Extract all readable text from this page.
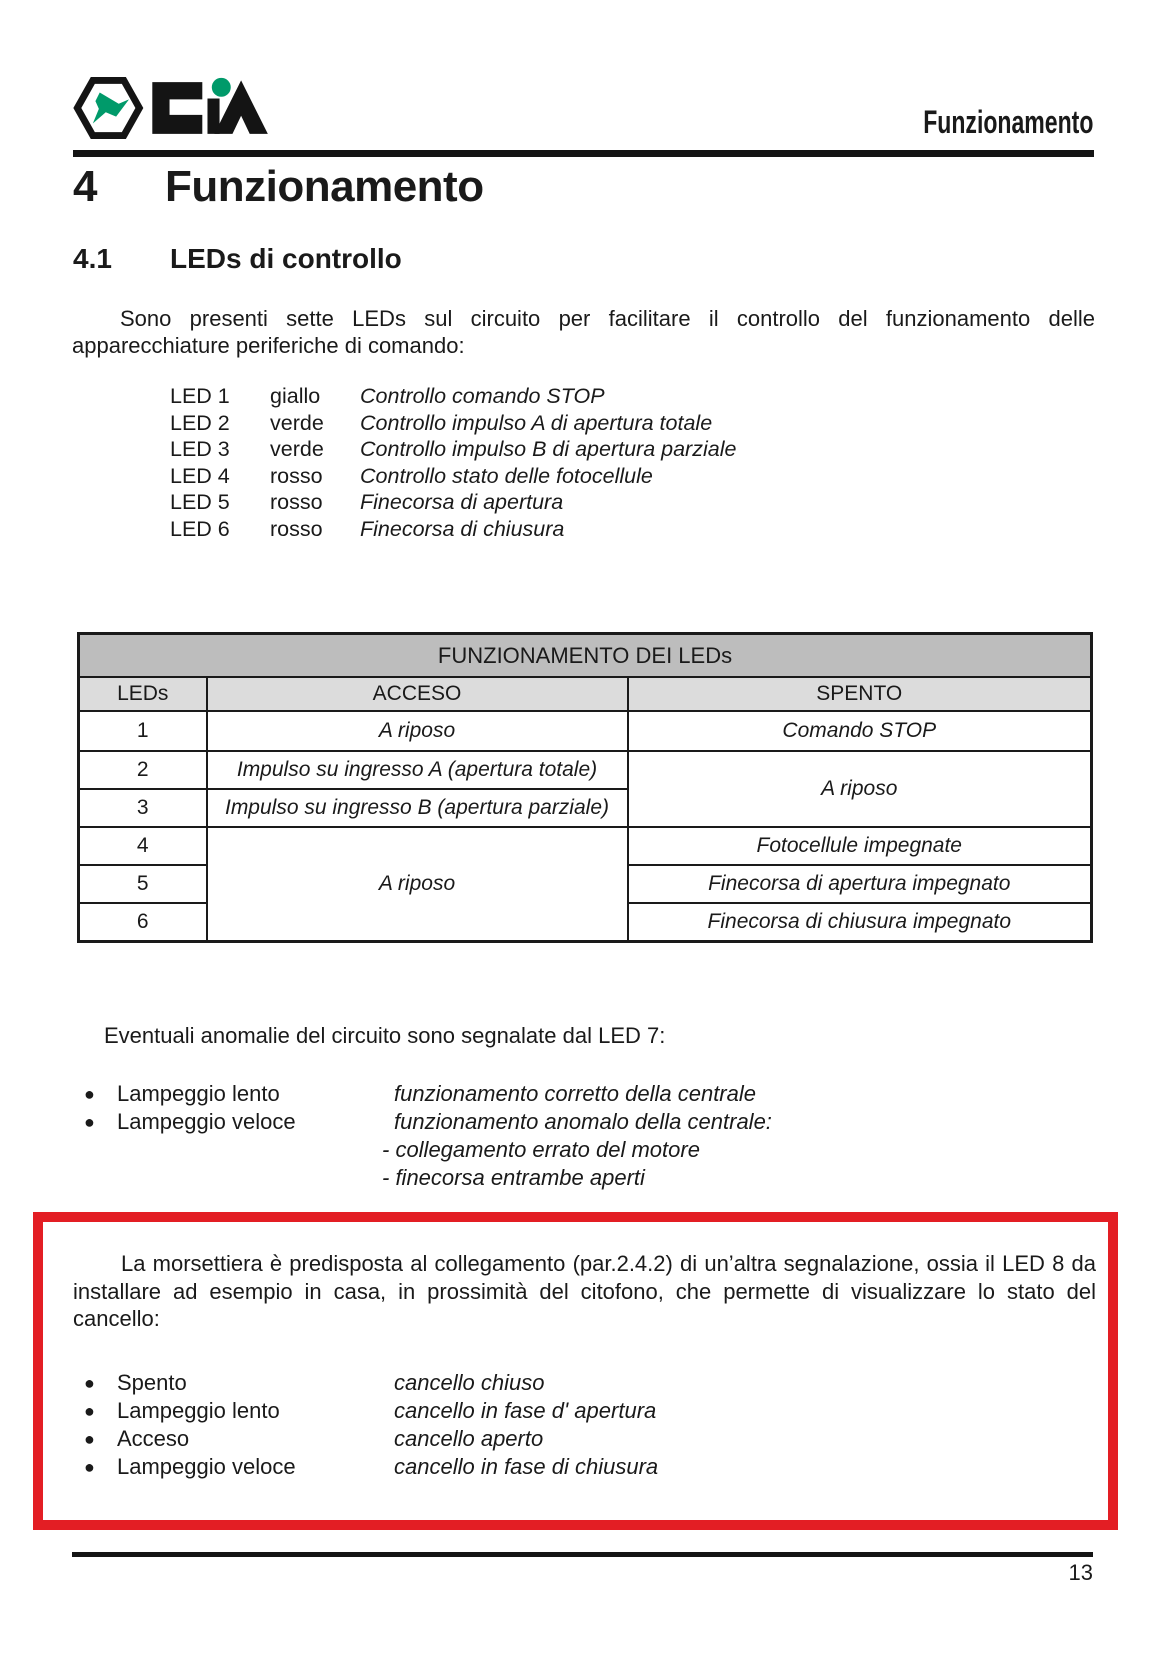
Funzionamento
4	Funzionamento
4.1	LEDs di controllo

Sono presenti sette LEDs sul circuito per facilitare il controllo del funzionamento delle apparecchiature periferiche di comando:

LED 1	giallo	Controllo comando STOP
LED 2	verde	Controllo impulso A di apertura totale
LED 3	verde	Controllo impulso B di apertura parziale
LED 4	rosso	Controllo stato delle fotocellule
LED 5	rosso	Finecorsa di apertura
LED 6	rosso	Finecorsa di chiusura
FUNZIONAMENTO DEI LEDs		
LEDs	ACCESO	SPENTO
1	A riposo	Comando STOP
2	Impulso su ingresso A (apertura totale)	A riposo
3	Impulso su ingresso B (apertura parziale)	
4	A riposo	Fotocellule impegnate
5		Finecorsa di apertura impegnato
6		Finecorsa di chiusura impegnato

Eventuali anomalie del circuito sono segnalate dal LED 7:

●	Lampeggio lento	funzionamento corretto della centrale
●	Lampeggio veloce	funzionamento anomalo della centrale:
- collegamento errato del motore
- finecorsa entrambe aperti

La morsettiera è predisposta al collegamento (par.2.4.2) di un’altra segnalazione, ossia il LED 8 da installare ad esempio in casa, in prossimità del citofono, che permette di visualizzare lo stato del cancello:

●	Spento	cancello chiuso
●	Lampeggio lento	cancello in fase d' apertura
●	Acceso	cancello aperto
●	Lampeggio veloce	cancello in fase di chiusura
13
